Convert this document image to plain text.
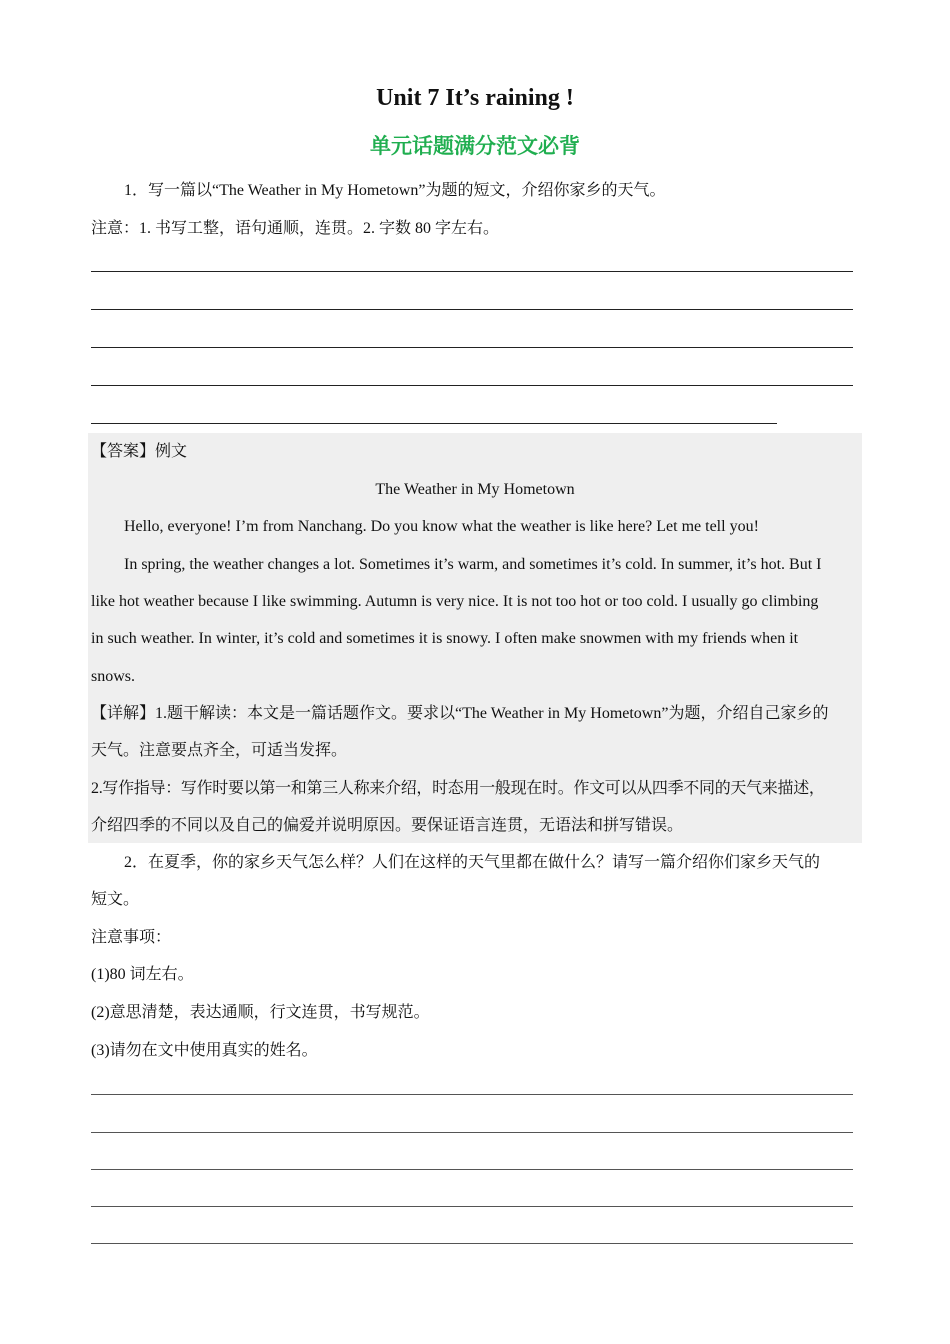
Unit 7 It’s raining !
单元话题满分范文必背
1．写一篇以“The Weather in My Hometown”为题的短文，介绍你家乡的天气。
注意：1. 书写工整，语句通顺，连贯。2. 字数 80 字左右。
【答案】例文
The Weather in My Hometown
Hello, everyone! I’m from Nanchang. Do you know what the weather is like here? Let me tell you!
In spring, the weather changes a lot. Sometimes it’s warm, and sometimes it’s cold. In summer, it’s hot. But I
like hot weather because I like swimming. Autumn is very nice. It is not too hot or too cold. I usually go climbing
in such weather. In winter, it’s cold and sometimes it is snowy. I often make snowmen with my friends when it
snows.
【详解】1.题干解读：本文是一篇话题作文。要求以“The Weather in My Hometown”为题，介绍自己家乡的
天气。注意要点齐全，可适当发挥。
2.写作指导：写作时要以第一和第三人称来介绍，时态用一般现在时。作文可以从四季不同的天气来描述，
介绍四季的不同以及自己的偏爱并说明原因。要保证语言连贯，无语法和拼写错误。
2．在夏季，你的家乡天气怎么样？人们在这样的天气里都在做什么？请写一篇介绍你们家乡天气的
短文。
注意事项：
(1)80 词左右。
(2)意思清楚，表达通顺，行文连贯，书写规范。
(3)请勿在文中使用真实的姓名。
